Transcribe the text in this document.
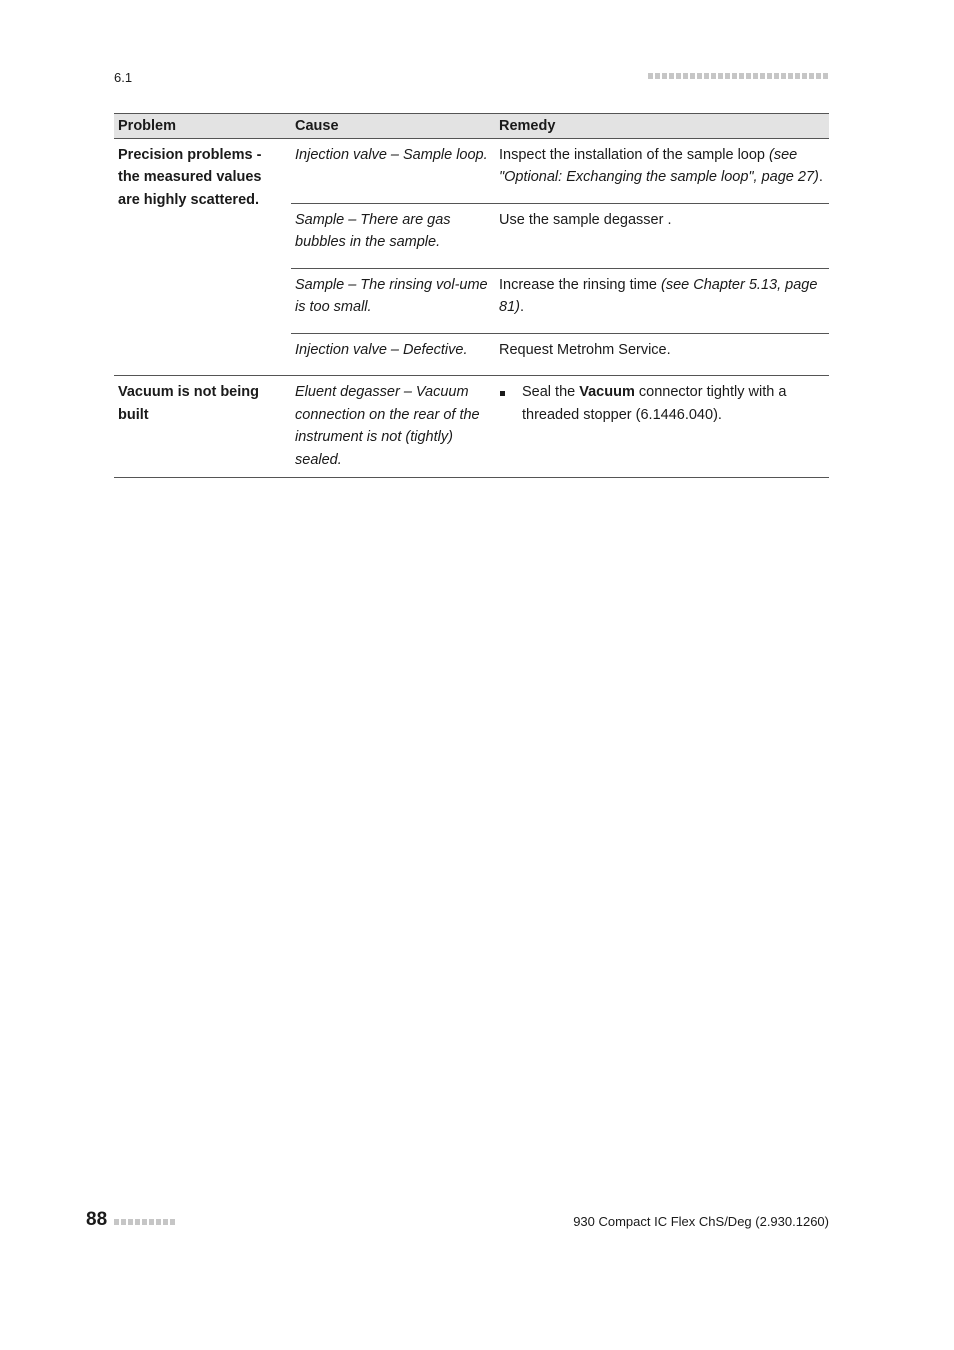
6.1
Problem	Cause	Remedy
Precision problems - the measured values are highly scattered.	Injection valve – Sample loop.	Inspect the installation of the sample loop (see "Optional: Exchanging the sample loop", page 27).
	Sample – There are gas bubbles in the sample.	Use the sample degasser .
	Sample – The rinsing vol-ume is too small.	Increase the rinsing time (see Chapter 5.13, page 81).
	Injection valve – Defective.	Request Metrohm Service.
Vacuum is not being built	Eluent degasser – Vacuum connection on the rear of the instrument is not (tightly) sealed.	Seal the Vacuum connector tightly with a threaded stopper (6.1446.040).
88	930 Compact IC Flex ChS/Deg (2.930.1260)
